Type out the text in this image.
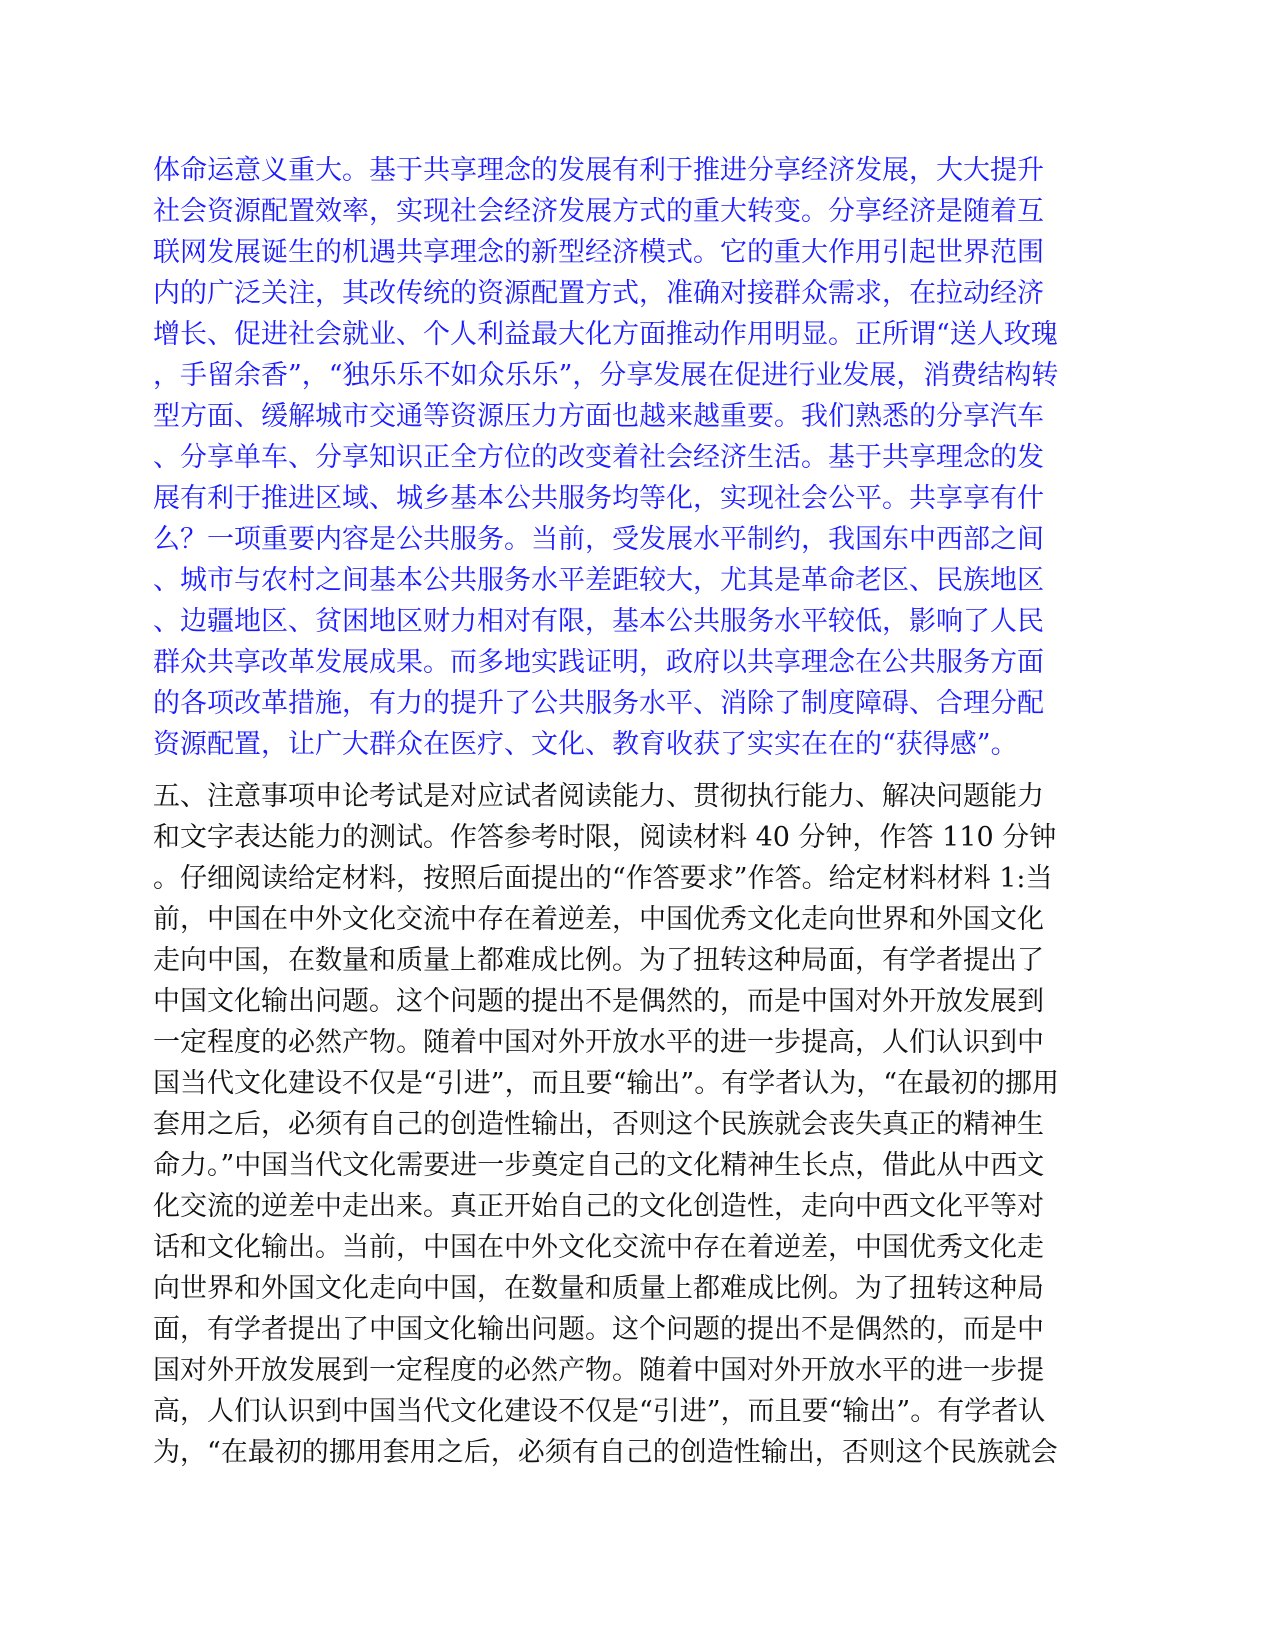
体命运意义重大。基于共享理念的发展有利于推进分享经济发展，大大提升
社会资源配置效率，实现社会经济发展方式的重大转变。分享经济是随着互
联网发展诞生的机遇共享理念的新型经济模式。它的重大作用引起世界范围
内的广泛关注，其改传统的资源配置方式，准确对接群众需求，在拉动经济
增长、促进社会就业、个人利益最大化方面推动作用明显。正所谓“送人玫瑰
，手留余香”，“独乐乐不如众乐乐”，分享发展在促进行业发展，消费结构转
型方面、缓解城市交通等资源压力方面也越来越重要。我们熟悉的分享汽车
、分享单车、分享知识正全方位的改变着社会经济生活。基于共享理念的发
展有利于推进区域、城乡基本公共服务均等化，实现社会公平。共享享有什
么？一项重要内容是公共服务。当前，受发展水平制约，我国东中西部之间
、城市与农村之间基本公共服务水平差距较大，尤其是革命老区、民族地区
、边疆地区、贫困地区财力相对有限，基本公共服务水平较低，影响了人民
群众共享改革发展成果。而多地实践证明，政府以共享理念在公共服务方面
的各项改革措施，有力的提升了公共服务水平、消除了制度障碍、合理分配
资源配置，让广大群众在医疗、文化、教育收获了实实在在的“获得感”。
五、注意事项申论考试是对应试者阅读能力、贯彻执行能力、解决问题能力
和文字表达能力的测试。作答参考时限，阅读材料 40 分钟，作答 110 分钟
。仔细阅读给定材料，按照后面提出的“作答要求”作答。给定材料材料 1:当
前，中国在中外文化交流中存在着逆差，中国优秀文化走向世界和外国文化
走向中国，在数量和质量上都难成比例。为了扭转这种局面，有学者提出了
中国文化输出问题。这个问题的提出不是偶然的，而是中国对外开放发展到
一定程度的必然产物。随着中国对外开放水平的进一步提高，人们认识到中
国当代文化建设不仅是“引进”，而且要“输出”。有学者认为，“在最初的挪用
套用之后，必须有自己的创造性输出，否则这个民族就会丧失真正的精神生
命力。”中国当代文化需要进一步奠定自己的文化精神生长点，借此从中西文
化交流的逆差中走出来。真正开始自己的文化创造性，走向中西文化平等对
话和文化输出。当前，中国在中外文化交流中存在着逆差，中国优秀文化走
向世界和外国文化走向中国，在数量和质量上都难成比例。为了扭转这种局
面，有学者提出了中国文化输出问题。这个问题的提出不是偶然的，而是中
国对外开放发展到一定程度的必然产物。随着中国对外开放水平的进一步提
高，人们认识到中国当代文化建设不仅是“引进”，而且要“输出”。有学者认
为，“在最初的挪用套用之后，必须有自己的创造性输出，否则这个民族就会
